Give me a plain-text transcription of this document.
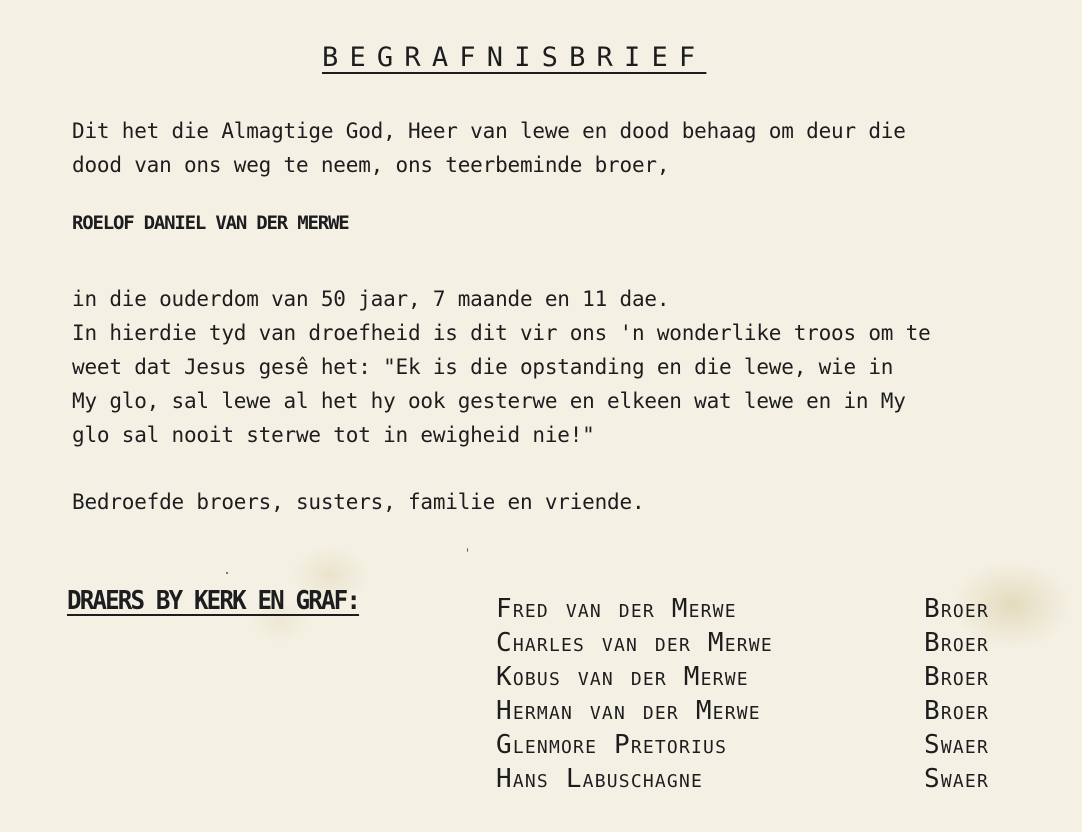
BEGRAFNISBRIEF
Dit het die Almagtige God, Heer van lewe en dood behaag om deur die
dood van ons weg te neem, ons teerbeminde broer,

ROELOF DANIEL VAN DER MERWE

in die ouderdom van 50 jaar, 7 maande en 11 dae.
In hierdie tyd van droefheid is dit vir ons 'n wonderlike troos om te
weet dat Jesus gesê het: "Ek is die opstanding en die lewe, wie in
My glo, sal lewe al het hy ook gesterwe en elkeen wat lewe en in My
glo sal nooit sterwe tot in ewigheid nie!"

Bedroefde broers, susters, familie en vriende.

DRAERS BY KERK EN GRAF:	Fred van der Merwe	Broer
Charles van der Merwe	Broer
Kobus van der Merwe	Broer
Herman van der Merwe	Broer
Glenmore Pretorius	Swaer
Hans Labuschagne	Swaer
